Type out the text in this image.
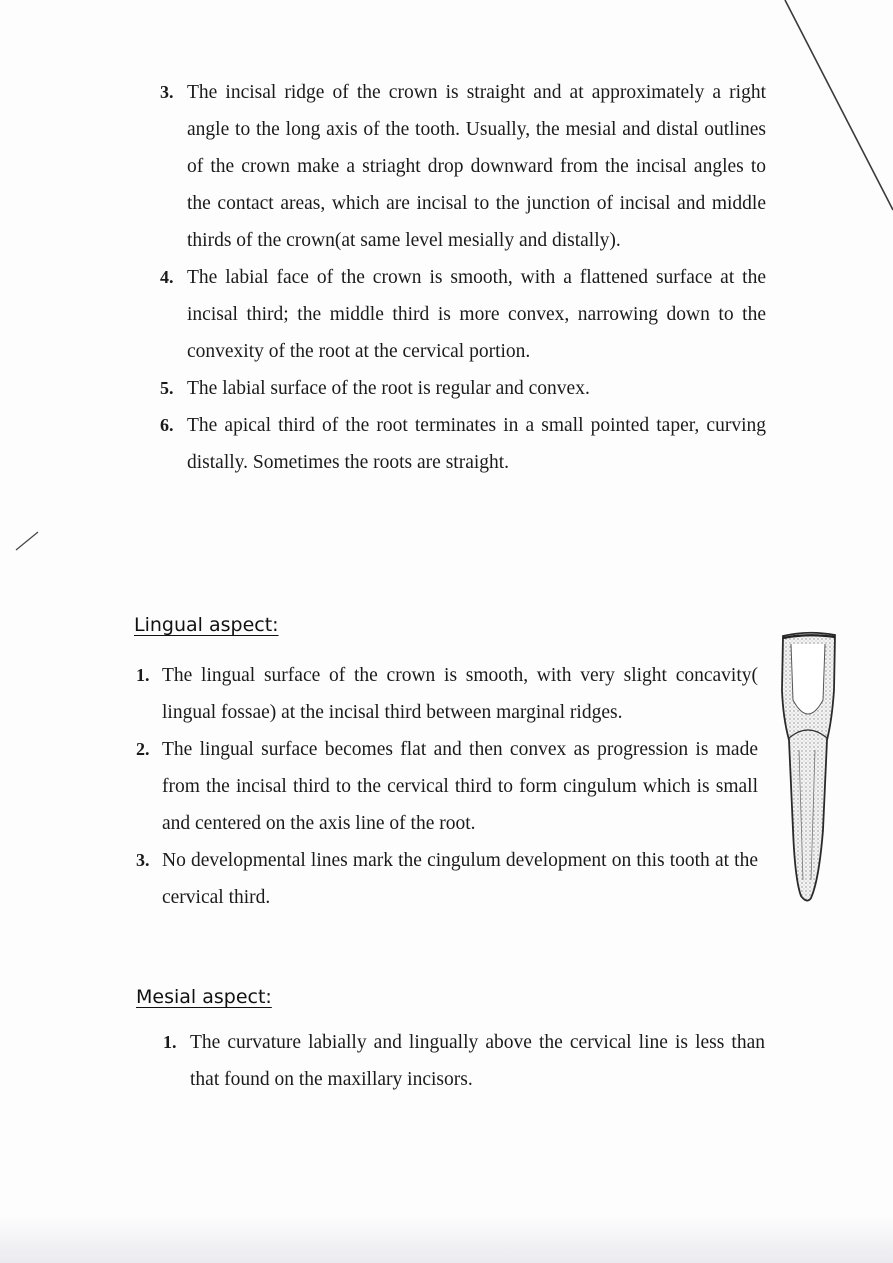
3. The incisal ridge of the crown is straight and at approximately a right angle to the long axis of the tooth. Usually, the mesial and distal outlines of the crown make a striaght drop downward from the incisal angles to the contact areas, which are incisal to the junction of incisal and middle thirds of the crown(at same level mesially and distally).
4. The labial face of the crown is smooth, with a flattened surface at the incisal third; the middle third is more convex, narrowing down to the convexity of the root at the cervical portion.
5. The labial surface of the root is regular and convex.
6. The apical third of the root terminates in a small pointed taper, curving distally. Sometimes the roots are straight.
Lingual aspect:
1. The lingual surface of the crown is smooth, with very slight concavity( lingual fossae) at the incisal third between marginal ridges.
2. The lingual surface becomes flat and then convex as progression is made from the incisal third to the cervical third to form cingulum which is small and centered on the axis line of the root.
3. No developmental lines mark the cingulum development on this tooth at the cervical third.
Mesial aspect:
1. The curvature labially and lingually above the cervical line is less than that found on the maxillary incisors.
